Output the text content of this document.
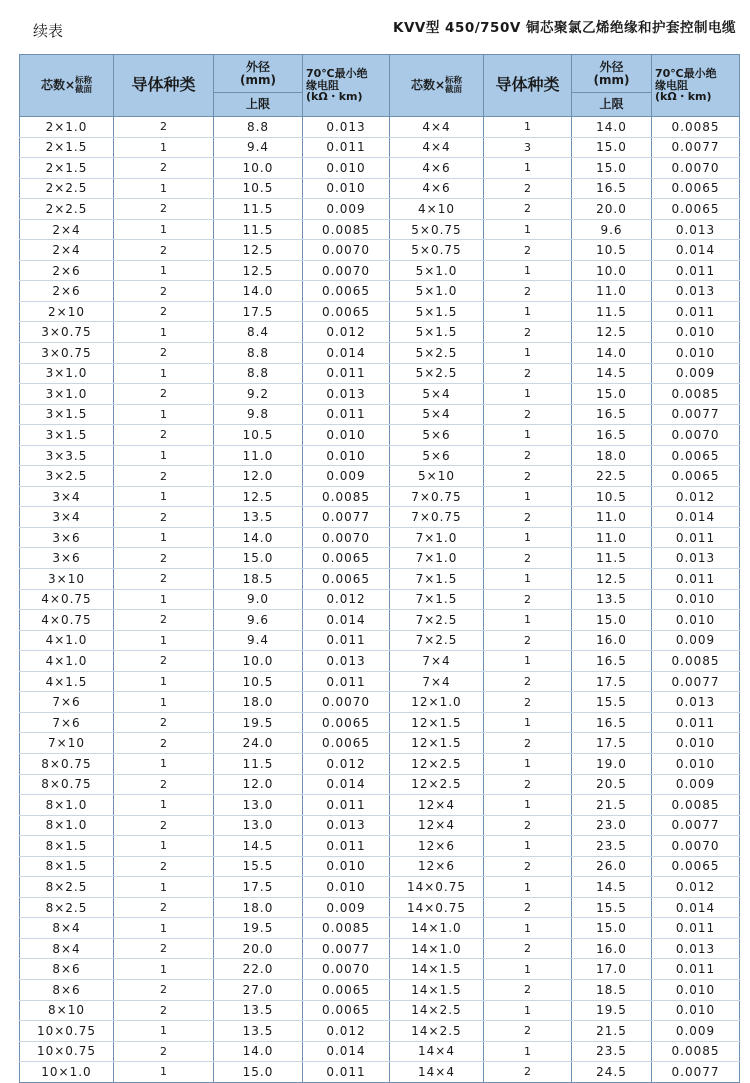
续表	KVV型 450/750V 铜芯聚氯乙烯绝缘和护套控制电缆
芯数×标称
截面	导体种类	外径
(mm)	70℃最小绝
缘电阻
(kΩ・km)	芯数×标称
截面	导体种类	外径
(mm)	70℃最小绝
缘电阻
(kΩ・km)
		上限				上限	
2×1.0	2	8.8	0.013	4×4	1	14.0	0.0085
2×1.5	1	9.4	0.011	4×4	3	15.0	0.0077
2×1.5	2	10.0	0.010	4×6	1	15.0	0.0070
2×2.5	1	10.5	0.010	4×6	2	16.5	0.0065
2×2.5	2	11.5	0.009	4×10	2	20.0	0.0065
2×4	1	11.5	0.0085	5×0.75	1	9.6	0.013
2×4	2	12.5	0.0070	5×0.75	2	10.5	0.014
2×6	1	12.5	0.0070	5×1.0	1	10.0	0.011
2×6	2	14.0	0.0065	5×1.0	2	11.0	0.013
2×10	2	17.5	0.0065	5×1.5	1	11.5	0.011
3×0.75	1	8.4	0.012	5×1.5	2	12.5	0.010
3×0.75	2	8.8	0.014	5×2.5	1	14.0	0.010
3×1.0	1	8.8	0.011	5×2.5	2	14.5	0.009
3×1.0	2	9.2	0.013	5×4	1	15.0	0.0085
3×1.5	1	9.8	0.011	5×4	2	16.5	0.0077
3×1.5	2	10.5	0.010	5×6	1	16.5	0.0070
3×3.5	1	11.0	0.010	5×6	2	18.0	0.0065
3×2.5	2	12.0	0.009	5×10	2	22.5	0.0065
3×4	1	12.5	0.0085	7×0.75	1	10.5	0.012
3×4	2	13.5	0.0077	7×0.75	2	11.0	0.014
3×6	1	14.0	0.0070	7×1.0	1	11.0	0.011
3×6	2	15.0	0.0065	7×1.0	2	11.5	0.013
3×10	2	18.5	0.0065	7×1.5	1	12.5	0.011
4×0.75	1	9.0	0.012	7×1.5	2	13.5	0.010
4×0.75	2	9.6	0.014	7×2.5	1	15.0	0.010
4×1.0	1	9.4	0.011	7×2.5	2	16.0	0.009
4×1.0	2	10.0	0.013	7×4	1	16.5	0.0085
4×1.5	1	10.5	0.011	7×4	2	17.5	0.0077
7×6	1	18.0	0.0070	12×1.0	2	15.5	0.013
7×6	2	19.5	0.0065	12×1.5	1	16.5	0.011
7×10	2	24.0	0.0065	12×1.5	2	17.5	0.010
8×0.75	1	11.5	0.012	12×2.5	1	19.0	0.010
8×0.75	2	12.0	0.014	12×2.5	2	20.5	0.009
8×1.0	1	13.0	0.011	12×4	1	21.5	0.0085
8×1.0	2	13.0	0.013	12×4	2	23.0	0.0077
8×1.5	1	14.5	0.011	12×6	1	23.5	0.0070
8×1.5	2	15.5	0.010	12×6	2	26.0	0.0065
8×2.5	1	17.5	0.010	14×0.75	1	14.5	0.012
8×2.5	2	18.0	0.009	14×0.75	2	15.5	0.014
8×4	1	19.5	0.0085	14×1.0	1	15.0	0.011
8×4	2	20.0	0.0077	14×1.0	2	16.0	0.013
8×6	1	22.0	0.0070	14×1.5	1	17.0	0.011
8×6	2	27.0	0.0065	14×1.5	2	18.5	0.010
8×10	2	13.5	0.0065	14×2.5	1	19.5	0.010
10×0.75	1	13.5	0.012	14×2.5	2	21.5	0.009
10×0.75	2	14.0	0.014	14×4	1	23.5	0.0085
10×1.0	1	15.0	0.011	14×4	2	24.5	0.0077
